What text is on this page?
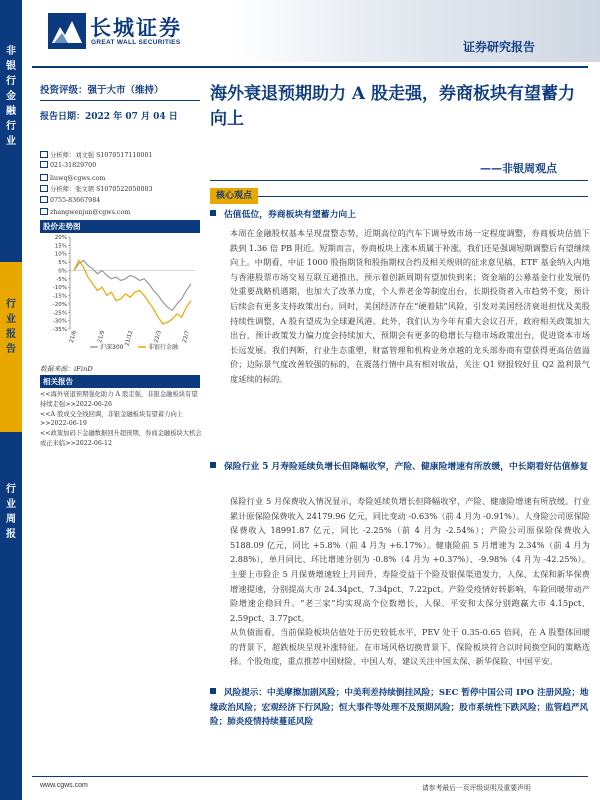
非
银
行
金
融
行
业
行
业
报
告
行
业
周
报
长城证券
GREAT WALL SECURITIES	证券研究报告
投资评级：强于大市（维持）
报告日期：2022 年 07 月 04 日
分析师：刘文强 S1070517110001
021-31829700
liuwq@cgws.com
分析师：张文珺 S1070522050003
0755-83667984
zhangwenjun@cgws.com
股价走势图
20%
15%
10%
5%
0%
-5%
-10%
-15%
-20%
-25%
-30%
-35% 21/6	21/9	21/12	22/3	22/7
沪深300	非银行金融
数据来源：iFinD
相关报告
<<海外衰退预期强化助力 A 股走强，非银金融板块有望持续走强>>2022-06-26
<<A 股成交全线回调，非银金融板块有望蓄力向上>>2022-06-19
<<政策加码下金融数据回升超预期，券商金融板块大机会或正来临>>2022-06-12
海外衰退预期助力 A 股走强，券商板块有望蓄力向上
——非银周观点
核心观点
估值低位，券商板块有望蓄力向上
本周在金融股权基本呈现盘整态势，近期高位的汽车下调导致市场一定程度调整，券商板块估值下跌到 1.36 倍 PB 附近。短期而言，券商板块上涨本质属于补涨，我们还是强调短期调整后有望继续向上。中期看，中证 1000 股指期货和股指期权合约及相关规则的征求意见稿、ETF 基金纳入内地与香港股票市场交易互联互通推出，预示着创新周期有望加快到来；资金端的公募基金行业发展仍处重要战略机遇期，也加大了改革力度，个人养老金等制度出台，长期投资者入市趋势不变，预计后续会有更多支持政策出台。同时，美国经济存在“硬着陆”风险，引发对美国经济衰退担忧及美股持续性调整，A 股有望成为全球避风港。此外，我们认为今年有重大会议召开，政府相关政策加大出台，预计政策发力偏力度会持续加大，预期会有更多的稳增长与稳市场政策出台，促进资本市场长远发展。我们判断，行业生态重塑，财富管理和机构业务卓越的龙头部券商有望获得更高估值溢价；边际景气度改善较强的标的，在震荡行情中具有相对收益，关注 Q1 财报较好且 Q2 盈利景气度延续的标的。
保险行业 5 月寿险延续负增长但降幅收窄，产险、健康险增速有所放缓，中长期看好估值修复
保险行业 5 月保费收入情况显示，寿险延续负增长但降幅收窄，产险、健康险增速有所放缓。行业累计原保险保费收入 24179.96 亿元，同比变动 -0.63%（前 4 月为 -0.91%）。人身险公司原保险保费收入 18991.87 亿元，同比 -2.25%（前 4 月为 -2.54%）；产险公司原保险保费收入 5188.09 亿元，同比 +5.8%（前 4 月为 +6.17%）。健康险前 5 月增速为 2.34%（前 4 月为 2.88%），单月同比、环比增速分别为 -0.8%（4 月为 +0.37%）、-9.98%（4 月为 -42.25%）。主要上市险企 5 月保费增速较上月回升，寿险受益于个险及银保渠道发力，人保、太保和新华保费增速提速，分别提高大市 24.34pct、7.34pct、7.22pct。产险受疫情好转影响，车险回暖带动产险增速企稳回升。“老三家”均实现高个位数增长，人保、平安和太保分别跑赢大市 4.15pct、2.59pct、3.77pct。
从负债面看，当前保险板块估值处于历史较低水平，PEV 处于 0.35-0.65 倍间，在 A 股整体回暖的背景下，超跌板块呈现补涨特征。在市场风格切换背景下，保险板块符合以时间换空间的策略选择。个股角度，重点推荐中国财险、中国人寿，建议关注中国太保、新华保险、中国平安。
风险提示：中美摩擦加剧风险；中美利差持续倒挂风险；SEC 暂停中国公司 IPO 注册风险；地缘政治风险；宏观经济下行风险；恒大事件等处理不及预期风险；股市系统性下跌风险；监管趋严风险；肺炎疫情持续蔓延风险
www.cgws.com	请参考最后一页评级说明及重要声明
